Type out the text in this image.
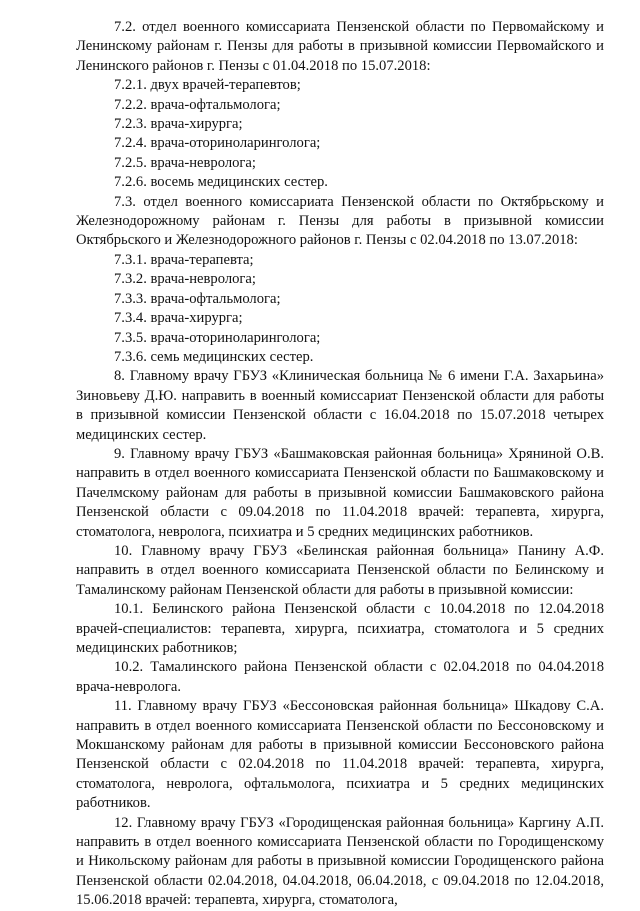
7.2. отдел военного комиссариата Пензенской области по Первомайскому и Ленинскому районам г. Пензы для работы в призывной комиссии Первомайского и Ленинского районов г. Пензы с 01.04.2018 по 15.07.2018:

7.2.1. двух врачей-терапевтов;

7.2.2. врача-офтальмолога;

7.2.3. врача-хирурга;

7.2.4. врача-оториноларинголога;

7.2.5. врача-невролога;

7.2.6. восемь медицинских сестер.

7.3. отдел военного комиссариата Пензенской области по Октябрьскому и Железнодорожному районам г. Пензы для работы в призывной комиссии Октябрьского и Железнодорожного районов г. Пензы с 02.04.2018 по 13.07.2018:

7.3.1. врача-терапевта;

7.3.2. врача-невролога;

7.3.3. врача-офтальмолога;

7.3.4. врача-хирурга;

7.3.5. врача-оториноларинголога;

7.3.6. семь медицинских сестер.

8. Главному врачу ГБУЗ «Клиническая больница № 6 имени Г.А. Захарьина» Зиновьеву Д.Ю. направить в военный комиссариат Пензенской области для работы в призывной комиссии Пензенской области с 16.04.2018 по 15.07.2018 четырех медицинских сестер.

9. Главному врачу ГБУЗ «Башмаковская районная больница» Хряниной О.В. направить в отдел военного комиссариата Пензенской области по Башмаковскому и Пачелмскому районам для работы в призывной комиссии Башмаковского района Пензенской области с 09.04.2018 по 11.04.2018 врачей: терапевта, хирурга, стоматолога, невролога, психиатра и 5 средних медицинских работников.

10. Главному врачу ГБУЗ «Белинская районная больница» Панину А.Ф. направить в отдел военного комиссариата Пензенской области по Белинскому и Тамалинскому районам Пензенской области для работы в призывной комиссии:

10.1. Белинского района Пензенской области с 10.04.2018 по 12.04.2018 врачей-специалистов: терапевта, хирурга, психиатра, стоматолога и 5 средних медицинских работников;

10.2. Тамалинского района Пензенской области с 02.04.2018 по 04.04.2018 врача-невролога.

11. Главному врачу ГБУЗ «Бессоновская районная больница» Шкадову С.А. направить в отдел военного комиссариата Пензенской области по Бессоновскому и Мокшанскому районам для работы в призывной комиссии Бессоновского района Пензенской области с 02.04.2018 по 11.04.2018 врачей: терапевта, хирурга, стоматолога, невролога, офтальмолога, психиатра и 5 средних медицинских работников.

12. Главному врачу ГБУЗ «Городищенская районная больница» Каргину А.П. направить в отдел военного комиссариата Пензенской области по Городищенскому и Никольскому районам для работы в призывной комиссии Городищенского района Пензенской области 02.04.2018, 04.04.2018, 06.04.2018, с 09.04.2018 по 12.04.2018, 15.06.2018 врачей: терапевта, хирурга, стоматолога,
